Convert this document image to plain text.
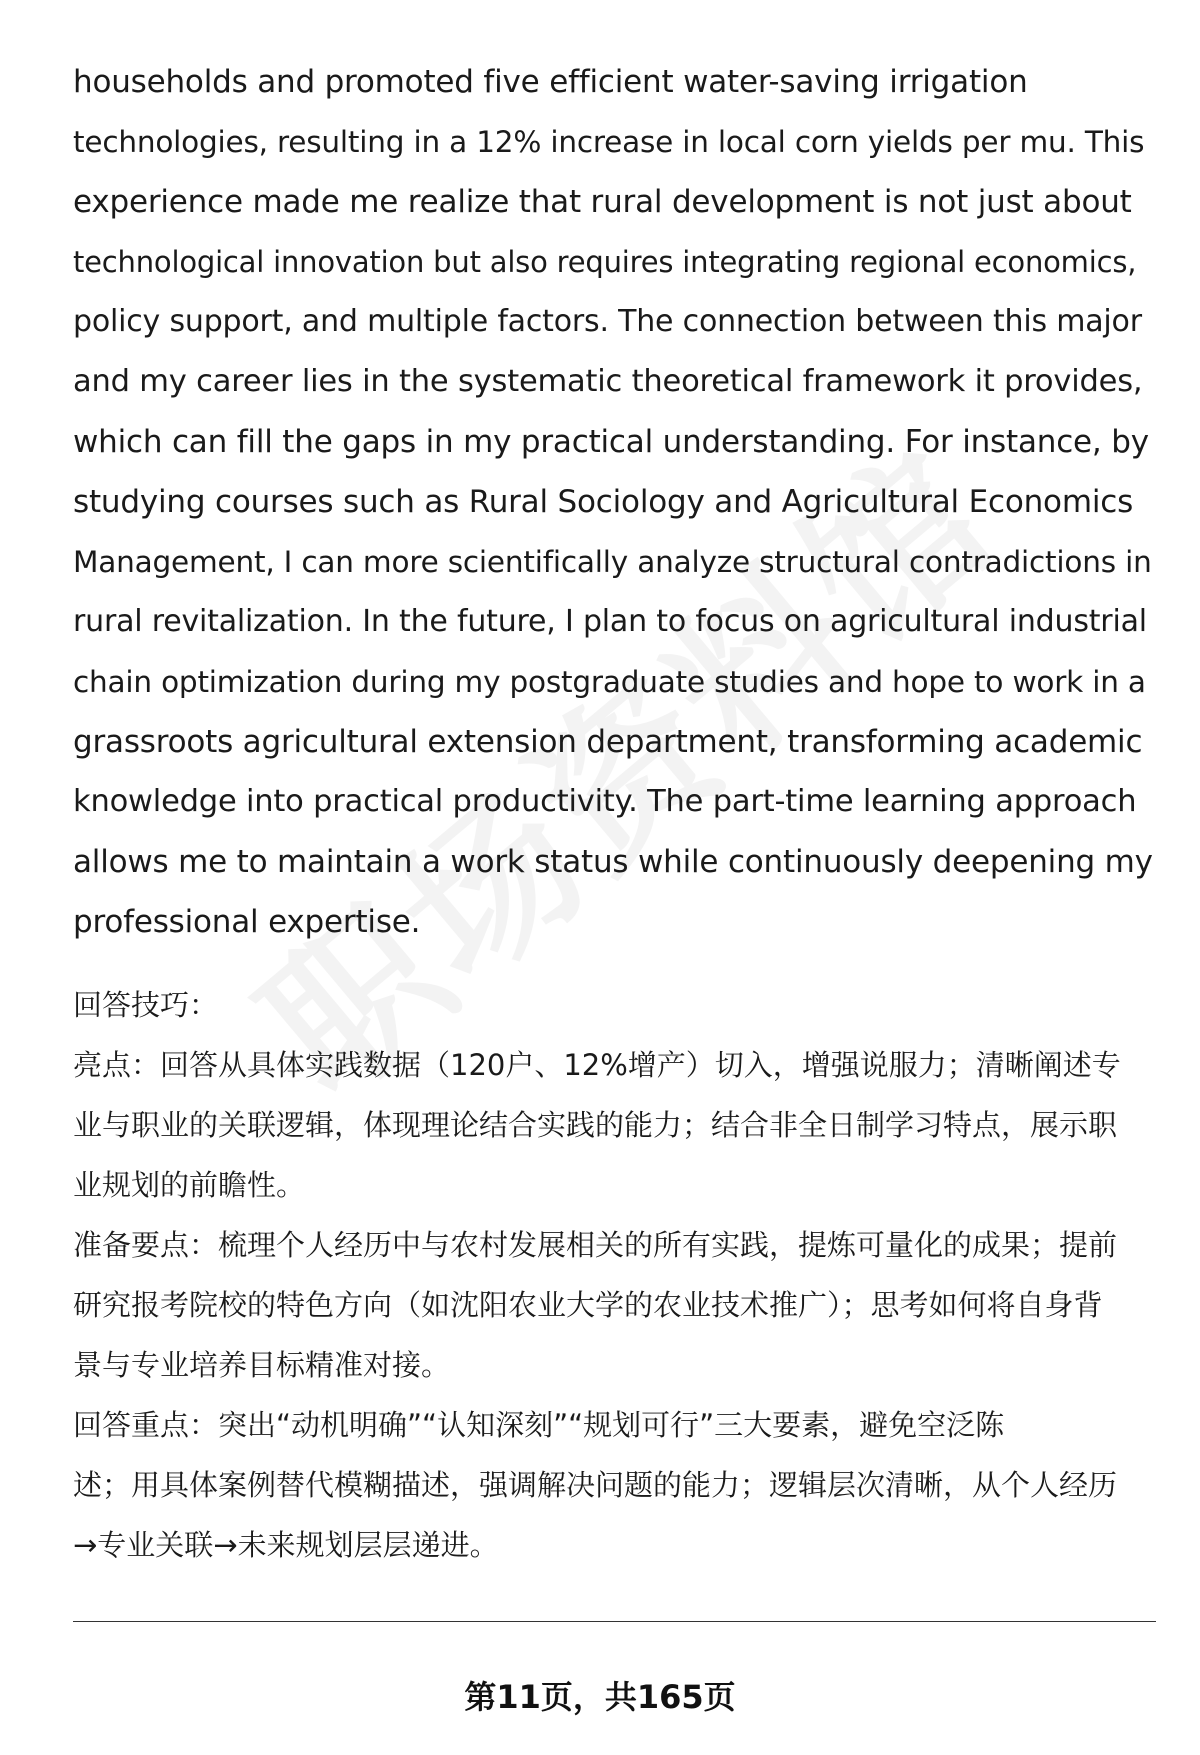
households and promoted five efficient water-saving irrigation
technologies, resulting in a 12% increase in local corn yields per mu. This
experience made me realize that rural development is not just about
technological innovation but also requires integrating regional economics,
policy support, and multiple factors. The connection between this major
and my career lies in the systematic theoretical framework it provides,
which can fill the gaps in my practical understanding. For instance, by
studying courses such as Rural Sociology and Agricultural Economics
Management, I can more scientifically analyze structural contradictions in
rural revitalization. In the future, I plan to focus on agricultural industrial
chain optimization during my postgraduate studies and hope to work in a
grassroots agricultural extension department, transforming academic
knowledge into practical productivity. The part-time learning approach
allows me to maintain a work status while continuously deepening my
professional expertise.
回答技巧：
亮点：回答从具体实践数据（120户、12%增产）切入，增强说服力；清晰阐述专
业与职业的关联逻辑，体现理论结合实践的能力；结合非全日制学习特点，展示职
业规划的前瞻性。
准备要点：梳理个人经历中与农村发展相关的所有实践，提炼可量化的成果；提前
研究报考院校的特色方向（如沈阳农业大学的农业技术推广）；思考如何将自身背
景与专业培养目标精准对接。
回答重点：突出“动机明确”“认知深刻”“规划可行”三大要素，避免空泛陈
述；用具体案例替代模糊描述，强调解决问题的能力；逻辑层次清晰，从个人经历
→专业关联→未来规划层层递进。
第11页，共165页
